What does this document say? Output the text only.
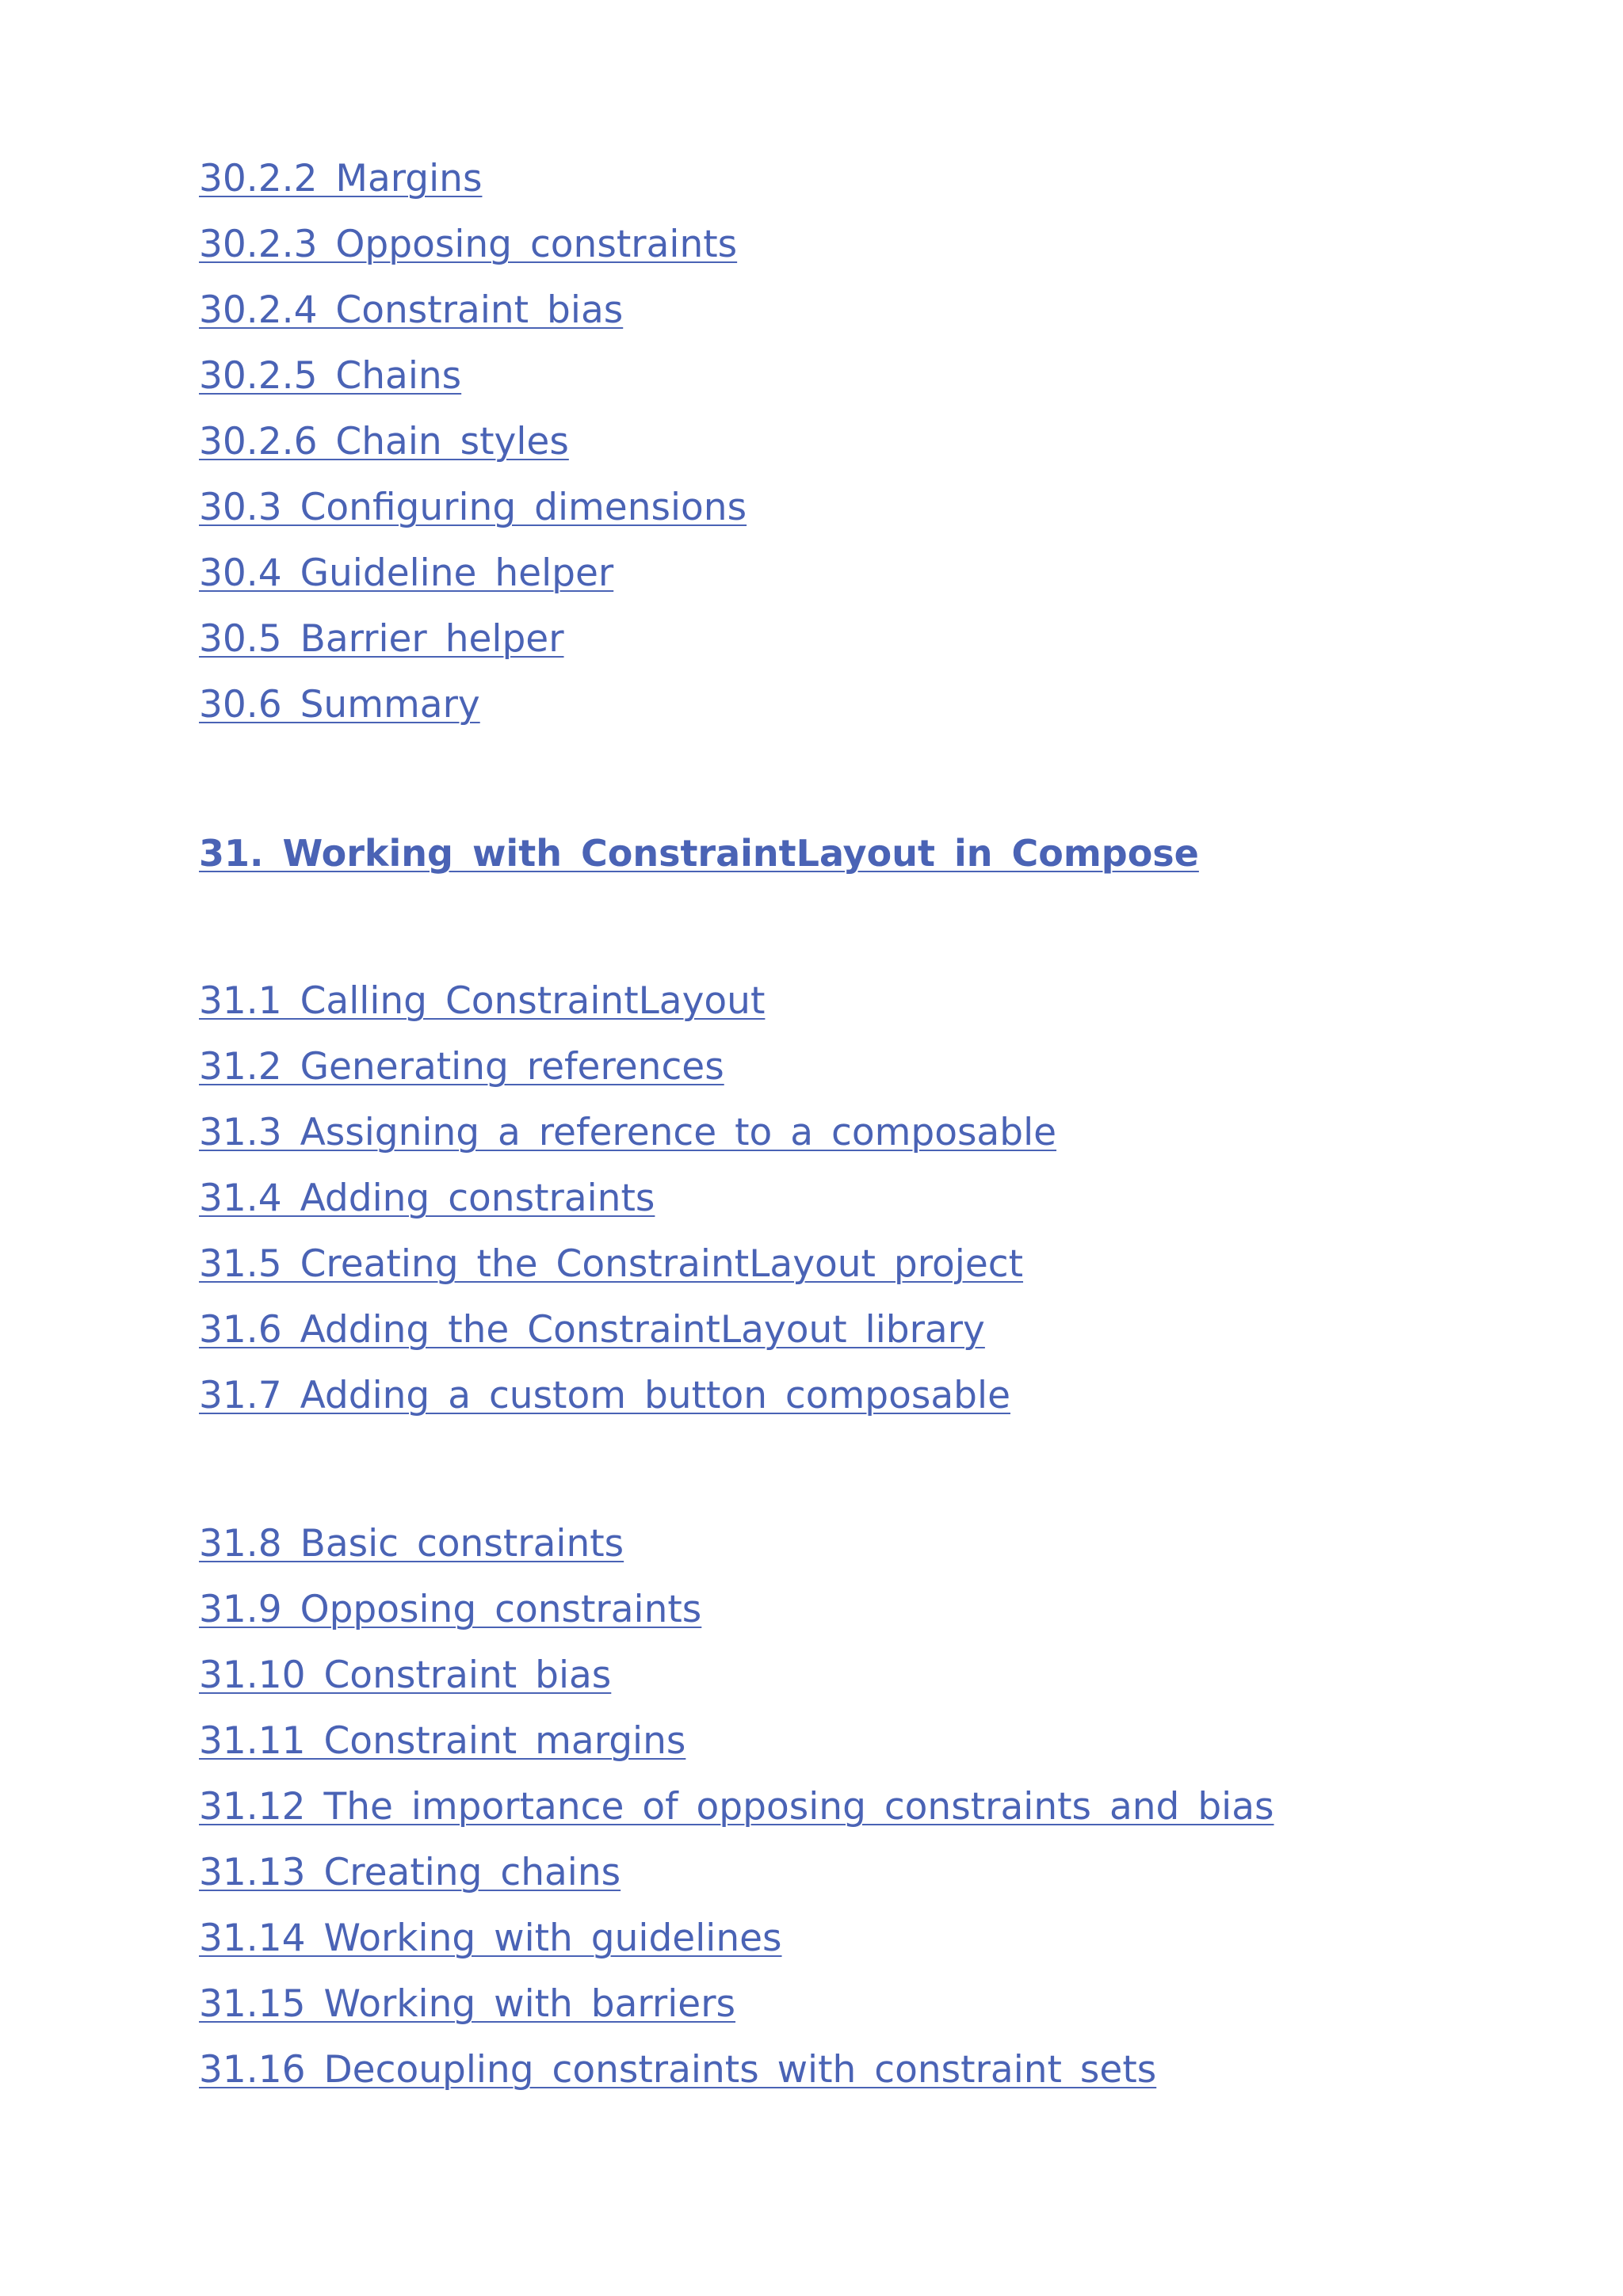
30.2.2 Margins
30.2.3 Opposing constraints
30.2.4 Constraint bias
30.2.5 Chains
30.2.6 Chain styles
30.3 Configuring dimensions
30.4 Guideline helper
30.5 Barrier helper
30.6 Summary
31. Working with ConstraintLayout in Compose
31.1 Calling ConstraintLayout
31.2 Generating references
31.3 Assigning a reference to a composable
31.4 Adding constraints
31.5 Creating the ConstraintLayout project
31.6 Adding the ConstraintLayout library
31.7 Adding a custom button composable
31.8 Basic constraints
31.9 Opposing constraints
31.10 Constraint bias
31.11 Constraint margins
31.12 The importance of opposing constraints and bias
31.13 Creating chains
31.14 Working with guidelines
31.15 Working with barriers
31.16 Decoupling constraints with constraint sets
